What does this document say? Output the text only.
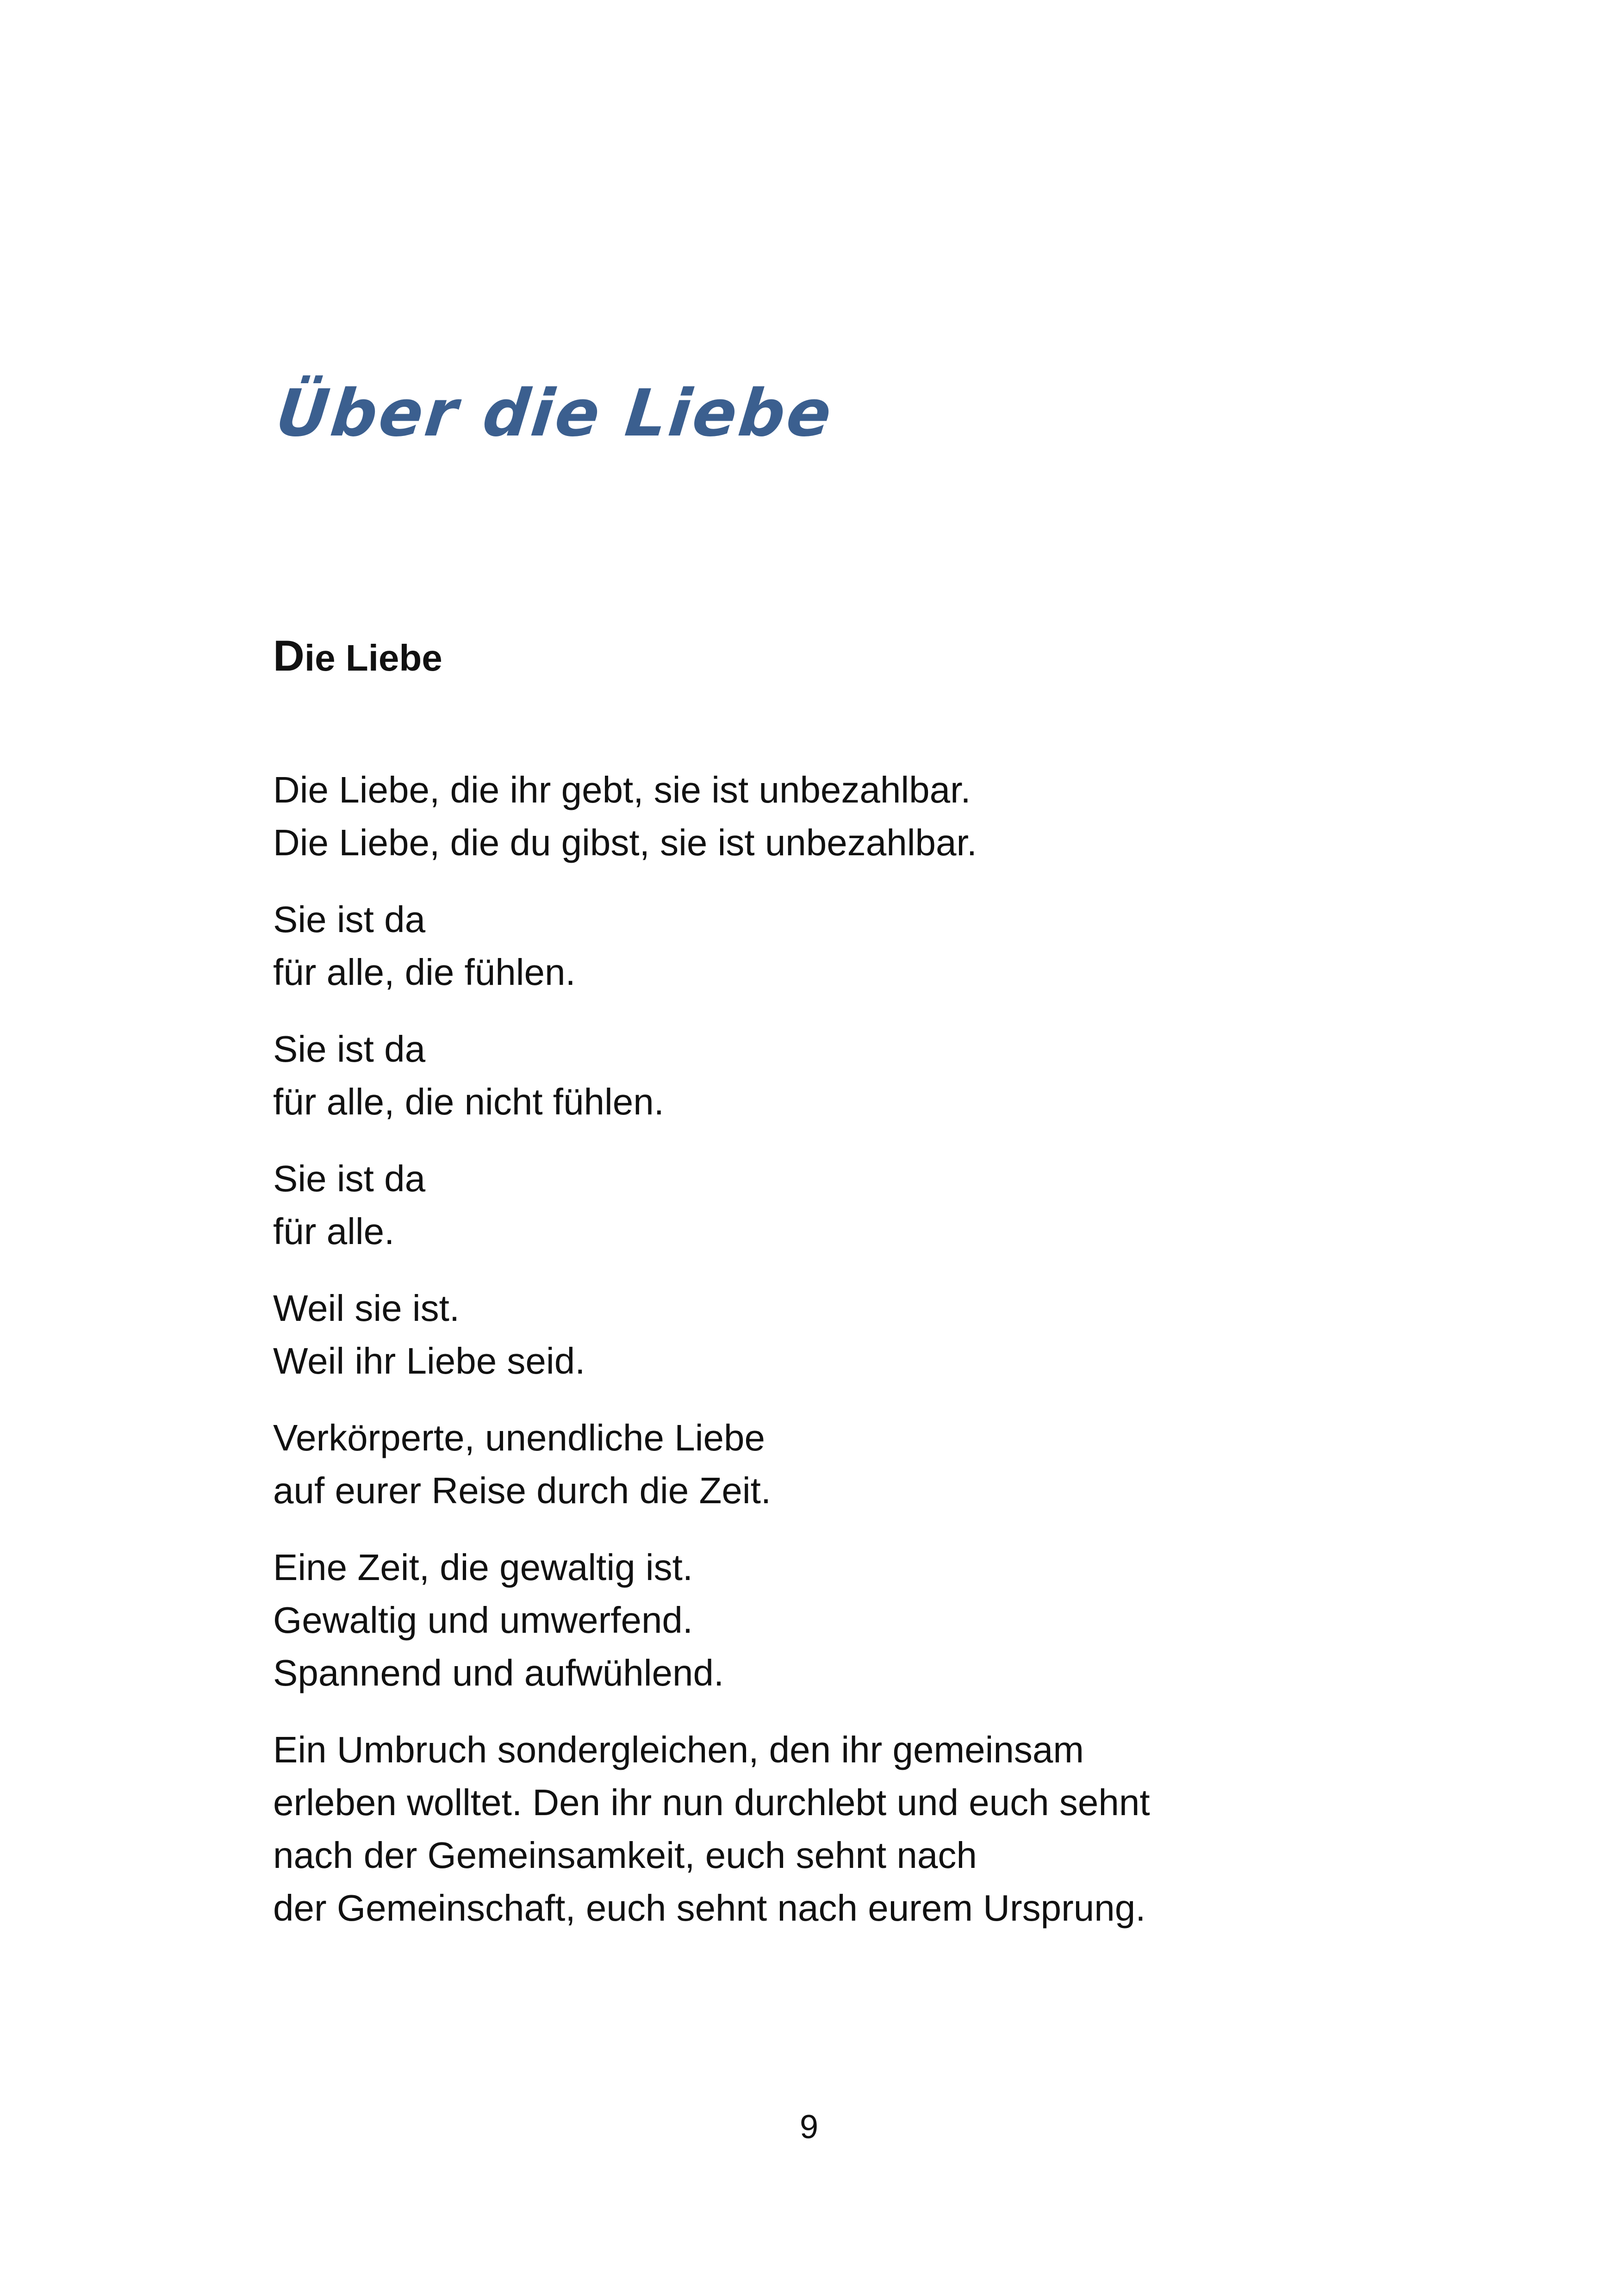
Über die Liebe
Die Liebe
Die Liebe, die ihr gebt, sie ist unbezahlbar.
Die Liebe, die du gibst, sie ist unbezahlbar.
Sie ist da
für alle, die fühlen.
Sie ist da
für alle, die nicht fühlen.
Sie ist da
für alle.
Weil sie ist.
Weil ihr Liebe seid.
Verkörperte, unendliche Liebe
auf eurer Reise durch die Zeit.
Eine Zeit, die gewaltig ist.
Gewaltig und umwerfend.
Spannend und aufwühlend.
Ein Umbruch sondergleichen, den ihr gemeinsam
erleben wolltet. Den ihr nun durchlebt und euch sehnt
nach der Gemeinsamkeit, euch sehnt nach
der Gemeinschaft, euch sehnt nach eurem Ursprung.
9
